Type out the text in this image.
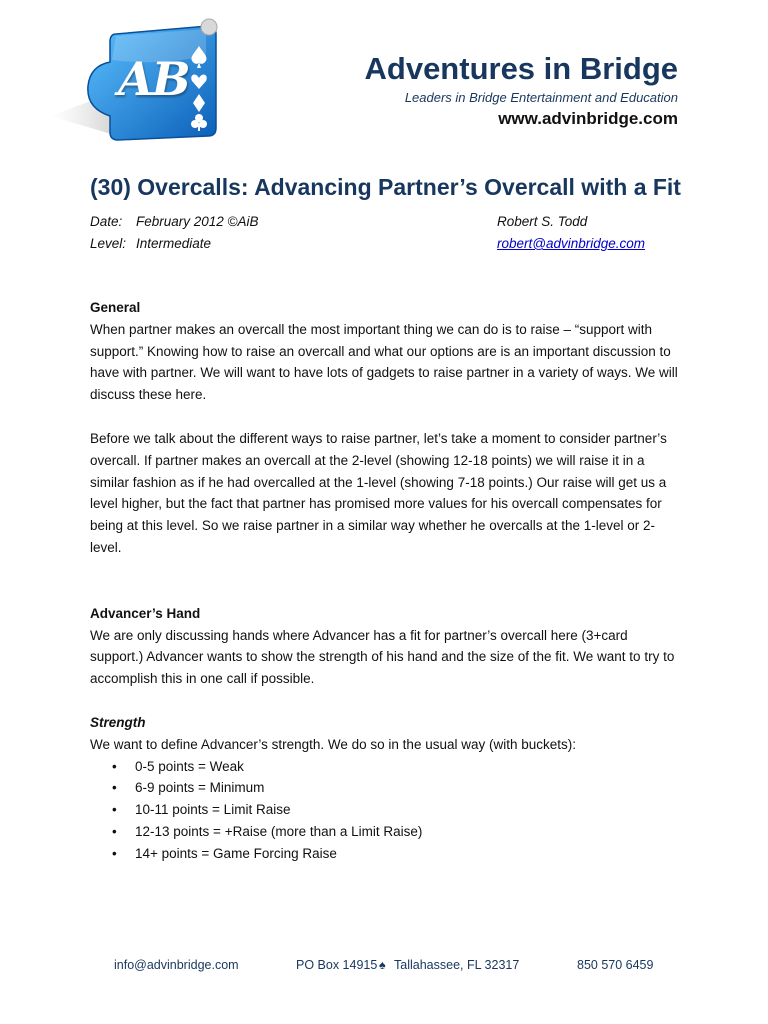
AB	Adventures in Bridge
Leaders in Bridge Entertainment and Education
www.advinbridge.com
(30) Overcalls: Advancing Partner’s Overcall with a Fit
Date: February 2012 ©AiB	Robert S. Todd
Level: Intermediate	robert@advinbridge.com
General

When partner makes an overcall the most important thing we can do is to raise – “support with support.” Knowing how to raise an overcall and what our options are is an important discussion to have with partner. We will want to have lots of gadgets to raise partner in a variety of ways. We will discuss these here.

Before we talk about the different ways to raise partner, let’s take a moment to consider partner’s overcall. If partner makes an overcall at the 2-level (showing 12-18 points) we will raise it in a similar fashion as if he had overcalled at the 1-level (showing 7-18 points.) Our raise will get us a level higher, but the fact that partner has promised more values for his overcall compensates for being at this level. So we raise partner in a similar way whether he overcalls at the 1-level or 2-level.

Advancer’s Hand

We are only discussing hands where Advancer has a fit for partner’s overcall here (3+card support.) Advancer wants to show the strength of his hand and the size of the fit. We want to try to accomplish this in one call if possible.

Strength

We want to define Advancer’s strength. We do so in the usual way (with buckets):

• 0-5 points = Weak
• 6-9 points = Minimum
• 10-11 points = Limit Raise
• 12-13 points = +Raise (more than a Limit Raise)
• 14+ points = Game Forcing Raise
info@advinbridge.com	PO Box 14915 ♠ Tallahassee, FL 32317	850 570 6459
